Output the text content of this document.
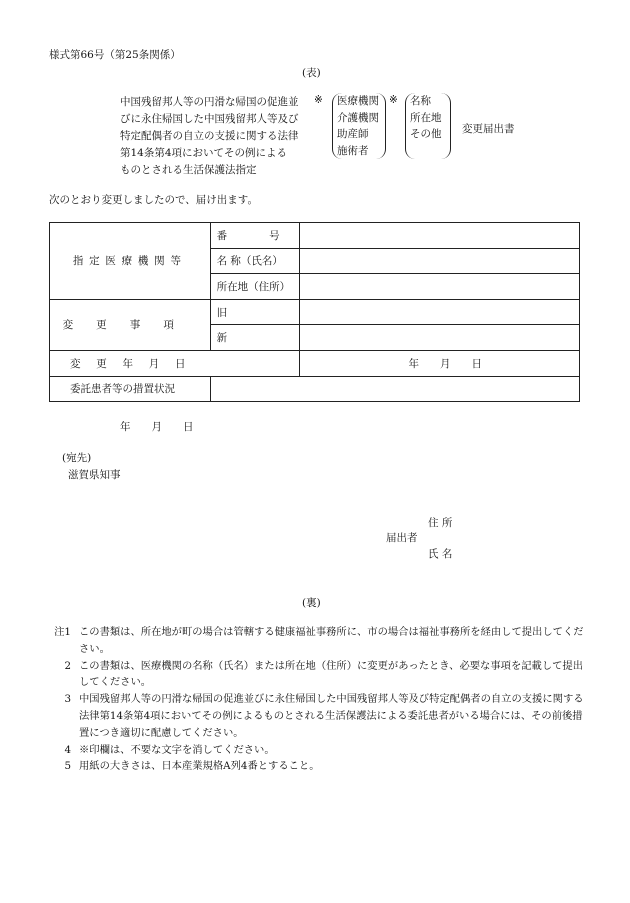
様式第66号（第25条関係）
(表)
中国残留邦人等の円滑な帰国の促進並
びに永住帰国した中国残留邦人等及び
特定配偶者の自立の支援に関する法律
第14条第4項においてその例による
ものとされる生活保護法指定
※ 医療機関
介護機関
助産師
施術者
※ 名称
所在地
その他	変更届出書
次のとおり変更しましたので、届け出ます。
指定医療機関等	番　　　　号	
	名 称（氏名）	
	所在地（住所）	
変更事項	旧	
	新	
変更年月日		年　　月　　日
委託患者等の措置状況		
年　　月　　日
(宛先)
滋賀県知事
住 所
届出者
氏 名
(裏)
注1 この書類は、所在地が町の場合は管轄する健康福祉事務所に、市の場合は福祉事務所を経由して提出してください。
2 この書類は、医療機関の名称（氏名）または所在地（住所）に変更があったとき、必要な事項を記載して提出してください。
3 中国残留邦人等の円滑な帰国の促進並びに永住帰国した中国残留邦人等及び特定配偶者の自立の支援に関する法律第14条第4項においてその例によるものとされる生活保護法による委託患者がいる場合には、その前後措置につき適切に配慮してください。
4 ※印欄は、不要な文字を消してください。
5 用紙の大きさは、日本産業規格A列4番とすること。
